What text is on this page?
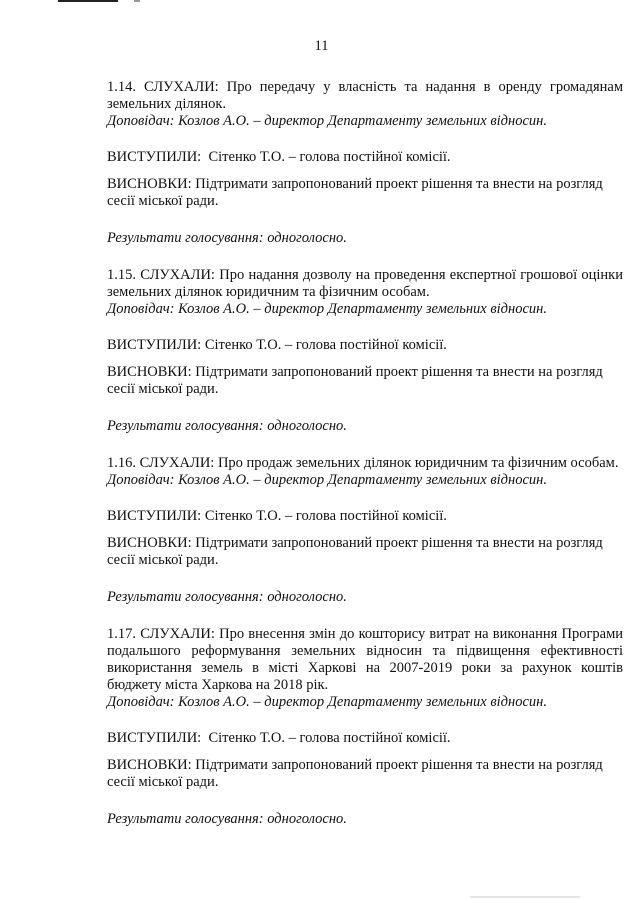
11

1.14. СЛУХАЛИ: Про передачу у власність та надання в оренду громадянам земельних ділянок.

Доповідач: Козлов А.О. – директор Департаменту земельних відносин.

ВИСТУПИЛИ: Сітенко Т.О. – голова постійної комісії.
ВИСНОВКИ: Підтримати запропонований проект рішення та внести на розгляд сесії міської ради.
Результати голосування: одноголосно.

1.15. СЛУХАЛИ: Про надання дозволу на проведення експертної грошової оцінки земельних ділянок юридичним та фізичним особам.

Доповідач: Козлов А.О. – директор Департаменту земельних відносин.

ВИСТУПИЛИ: Сітенко Т.О. – голова постійної комісії.
ВИСНОВКИ: Підтримати запропонований проект рішення та внести на розгляд сесії міської ради.
Результати голосування: одноголосно.

1.16. СЛУХАЛИ: Про продаж земельних ділянок юридичним та фізичним особам.

Доповідач: Козлов А.О. – директор Департаменту земельних відносин.

ВИСТУПИЛИ: Сітенко Т.О. – голова постійної комісії.
ВИСНОВКИ: Підтримати запропонований проект рішення та внести на розгляд сесії міської ради.
Результати голосування: одноголосно.

1.17. СЛУХАЛИ: Про внесення змін до кошторису витрат на виконання Програми подальшого реформування земельних відносин та підвищення ефективності використання земель в місті Харкові на 2007-2019 роки за рахунок коштів бюджету міста Харкова на 2018 рік.

Доповідач: Козлов А.О. – директор Департаменту земельних відносин.

ВИСТУПИЛИ: Сітенко Т.О. – голова постійної комісії.
ВИСНОВКИ: Підтримати запропонований проект рішення та внести на розгляд сесії міської ради.
Результати голосування: одноголосно.
